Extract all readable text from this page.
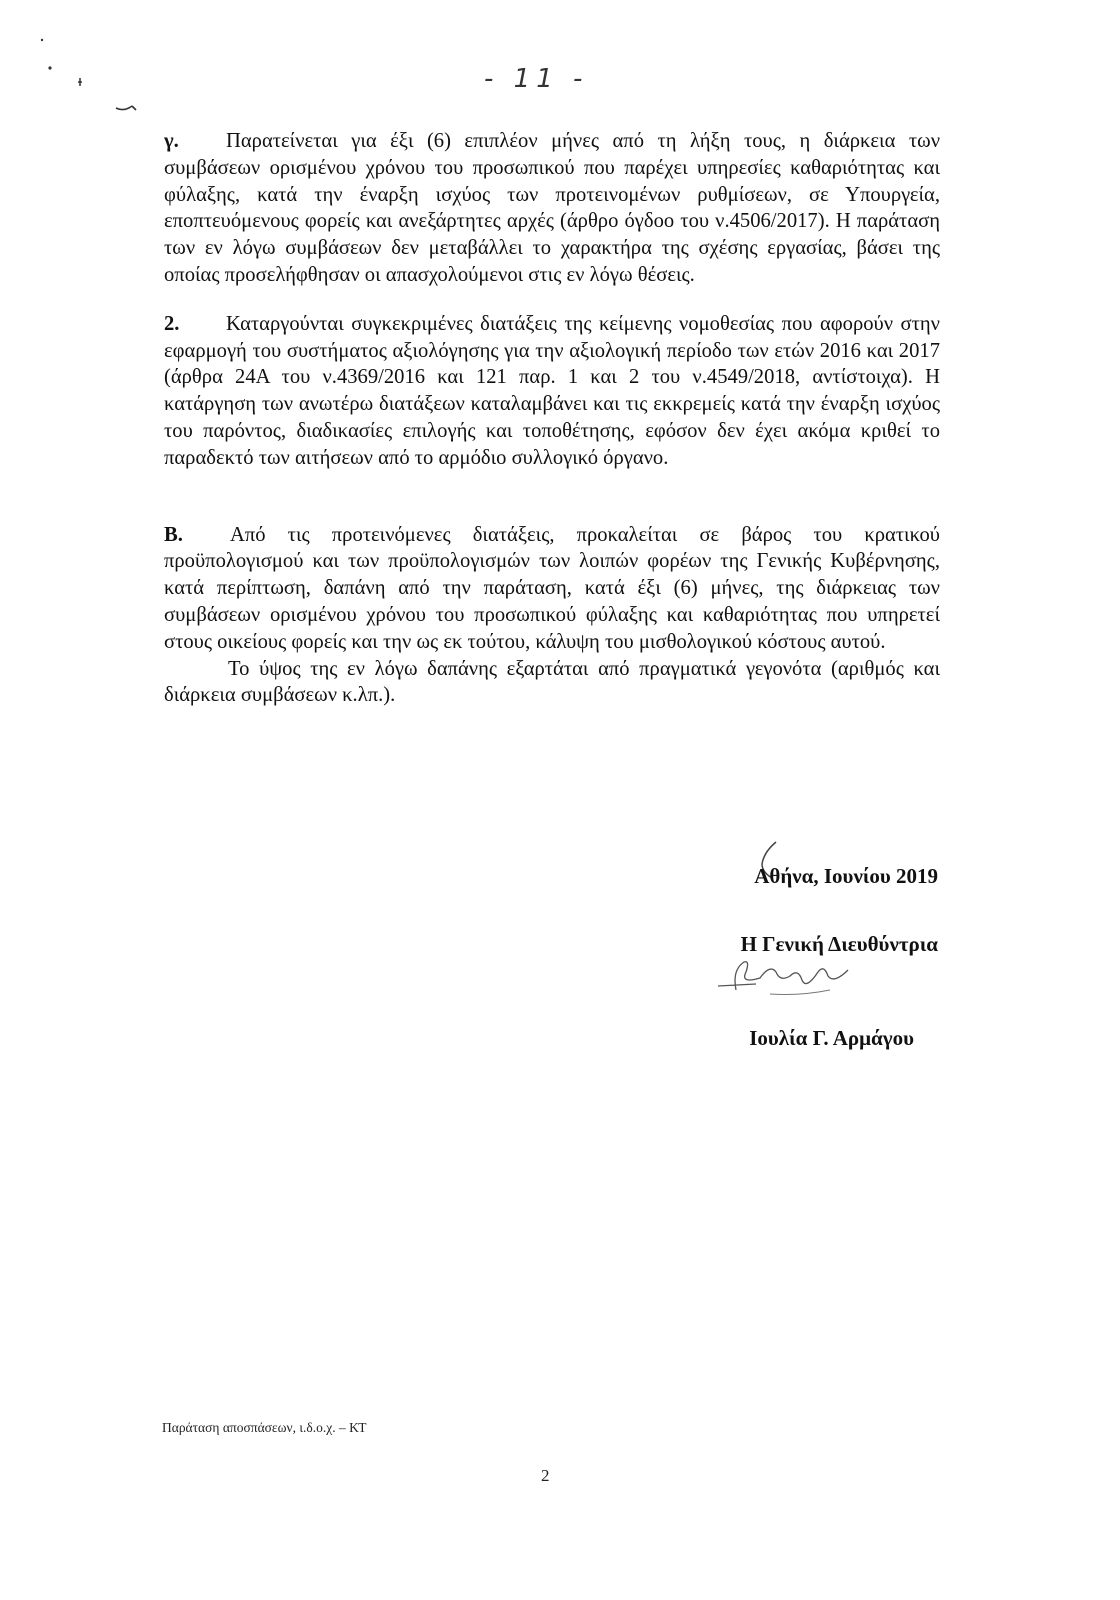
- 11 -

γ. Παρατείνεται για έξι (6) επιπλέον μήνες από τη λήξη τους, η διάρκεια των συμβάσεων ορισμένου χρόνου του προσωπικού που παρέχει υπηρεσίες καθαριότητας και φύλαξης, κατά την έναρξη ισχύος των προτεινομένων ρυθμίσεων, σε Υπουργεία, εποπτευόμενους φορείς και ανεξάρτητες αρχές (άρθρο όγδοο του ν.4506/2017). Η παράταση των εν λόγω συμβάσεων δεν μεταβάλλει το χαρακτήρα της σχέσης εργασίας, βάσει της οποίας προσελήφθησαν οι απασχολούμενοι στις εν λόγω θέσεις.

2. Καταργούνται συγκεκριμένες διατάξεις της κείμενης νομοθεσίας που αφορούν στην εφαρμογή του συστήματος αξιολόγησης για την αξιολογική περίοδο των ετών 2016 και 2017 (άρθρα 24Α του ν.4369/2016 και 121 παρ. 1 και 2 του ν.4549/2018, αντίστοιχα). Η κατάργηση των ανωτέρω διατάξεων καταλαμβάνει και τις εκκρεμείς κατά την έναρξη ισχύος του παρόντος, διαδικασίες επιλογής και τοποθέτησης, εφόσον δεν έχει ακόμα κριθεί το παραδεκτό των αιτήσεων από το αρμόδιο συλλογικό όργανο.

Β. Από τις προτεινόμενες διατάξεις, προκαλείται σε βάρος του κρατικού προϋπολογισμού και των προϋπολογισμών των λοιπών φορέων της Γενικής Κυβέρνησης, κατά περίπτωση, δαπάνη από την παράταση, κατά έξι (6) μήνες, της διάρκειας των συμβάσεων ορισμένου χρόνου του προσωπικού φύλαξης και καθαριότητας που υπηρετεί στους οικείους φορείς και την ως εκ τούτου, κάλυψη του μισθολογικού κόστους αυτού.

Το ύψος της εν λόγω δαπάνης εξαρτάται από πραγματικά γεγονότα (αριθμός και διάρκεια συμβάσεων κ.λπ.).

Αθήνα, Ιουνίου 2019

Η Γενική Διευθύντρια

Ιουλία Γ. Αρμάγου

Παράταση αποσπάσεων, ι.δ.ο.χ. – ΚΤ
2
